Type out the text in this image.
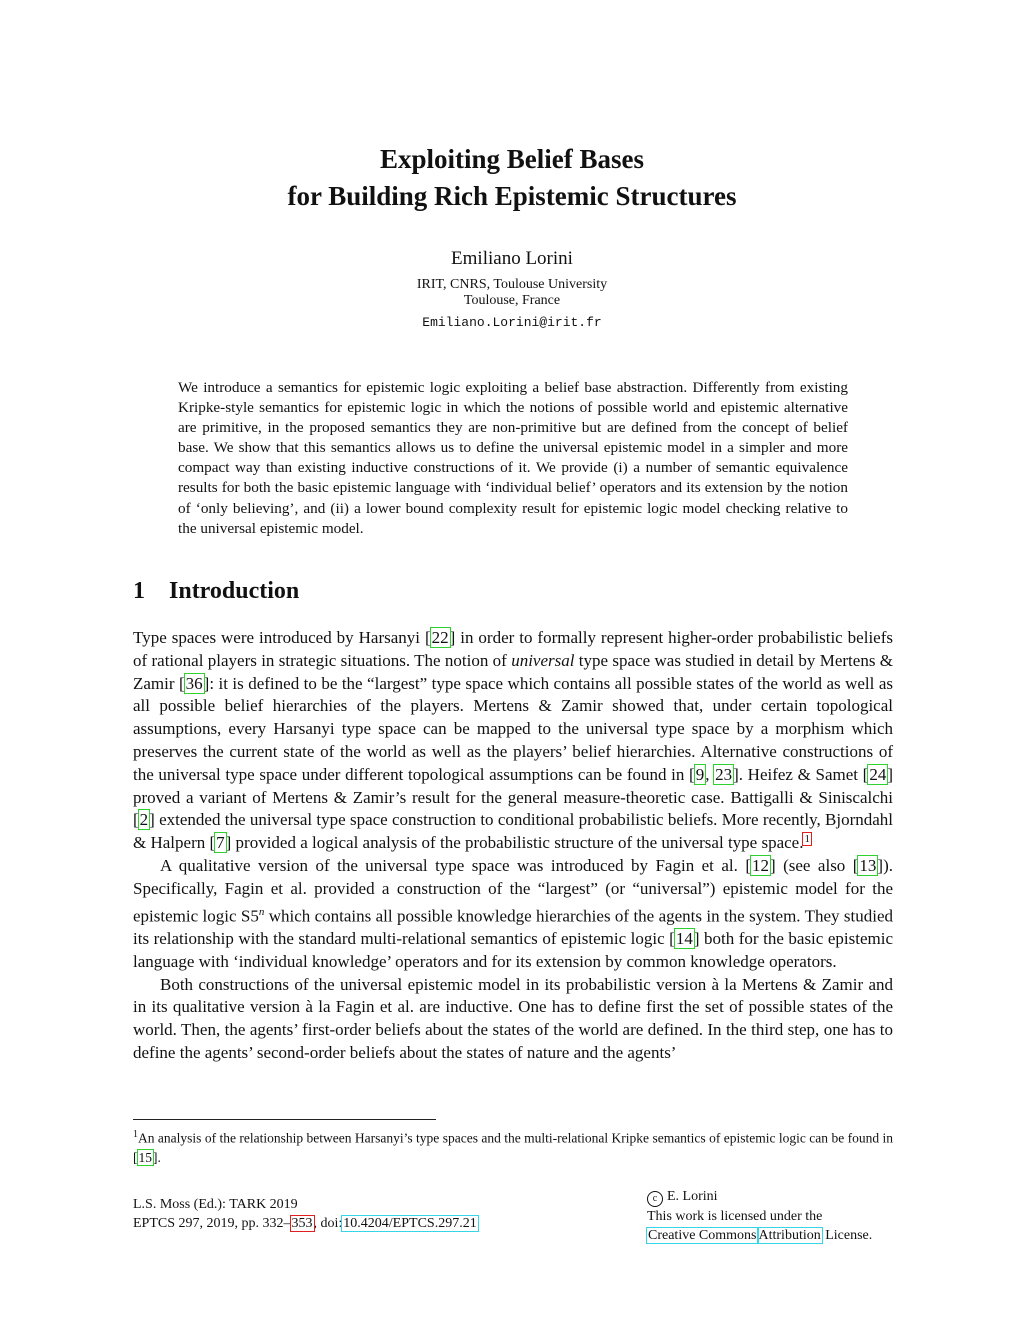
Exploiting Belief Bases
for Building Rich Epistemic Structures
Emiliano Lorini
IRIT, CNRS, Toulouse University
Toulouse, France
Emiliano.Lorini@irit.fr
We introduce a semantics for epistemic logic exploiting a belief base abstraction. Differently from existing Kripke-style semantics for epistemic logic in which the notions of possible world and epistemic alternative are primitive, in the proposed semantics they are non-primitive but are defined from the concept of belief base. We show that this semantics allows us to define the universal epistemic model in a simpler and more compact way than existing inductive constructions of it. We provide (i) a number of semantic equivalence results for both the basic epistemic language with ‘individual belief’ operators and its extension by the notion of ‘only believing’, and (ii) a lower bound complexity result for epistemic logic model checking relative to the universal epistemic model.
1 Introduction

Type spaces were introduced by Harsanyi [22] in order to formally represent higher-order probabilistic beliefs of rational players in strategic situations. The notion of universal type space was studied in detail by Mertens & Zamir [36]: it is defined to be the “largest” type space which contains all possible states of the world as well as all possible belief hierarchies of the players. Mertens & Zamir showed that, under certain topological assumptions, every Harsanyi type space can be mapped to the universal type space by a morphism which preserves the current state of the world as well as the players’ belief hierarchies. Alternative constructions of the universal type space under different topological assumptions can be found in [9, 23]. Heifez & Samet [24] proved a variant of Mertens & Zamir’s result for the general measure-theoretic case. Battigalli & Siniscalchi [2] extended the universal type space construction to conditional probabilistic beliefs. More recently, Bjorndahl & Halpern [7] provided a logical analysis of the probabilistic structure of the universal type space.$^1$

A qualitative version of the universal type space was introduced by Fagin et al. [12] (see also [13]). Specifically, Fagin et al. provided a construction of the “largest” (or “universal”) epistemic model for the epistemic logic S5$^n$ which contains all possible knowledge hierarchies of the agents in the system. They studied its relationship with the standard multi-relational semantics of epistemic logic [14] both for the basic epistemic language with ‘individual knowledge’ operators and for its extension by common knowledge operators.

Both constructions of the universal epistemic model in its probabilistic version à la Mertens & Zamir and in its qualitative version à la Fagin et al. are inductive. One has to define first the set of possible states of the world. Then, the agents’ first-order beliefs about the states of the world are defined. In the third step, one has to define the agents’ second-order beliefs about the states of nature and the agents’

$^1$An analysis of the relationship between Harsanyi’s type spaces and the multi-relational Kripke semantics of epistemic logic can be found in [15].
L.S. Moss (Ed.): TARK 2019
EPTCS 297, 2019, pp. 332–353, doi:10.4204/EPTCS.297.21
c E. Lorini
This work is licensed under the
Creative Commons Attribution License.
